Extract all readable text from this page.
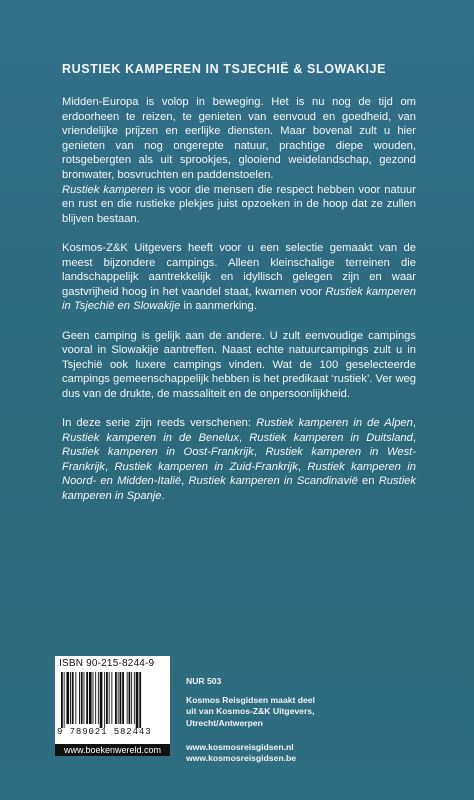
RUSTIEK KAMPEREN IN TSJECHIË & SLOWAKIJE

Midden-Europa is volop in beweging. Het is nu nog de tijd om erdoorheen te reizen, te genieten van eenvoud en goedheid, van vriendelijke prijzen en eerlijke diensten. Maar bovenal zult u hier genieten van nog ongerepte natuur, prachtige diepe wouden, rotsgebergten als uit sprookjes, glooiend weidelandschap, gezond bronwater, bosvruchten en paddenstoelen.

Rustiek kamperen is voor die mensen die respect hebben voor natuur en rust en die rustieke plekjes juist opzoeken in de hoop dat ze zullen blijven bestaan.

Kosmos-Z&K Uitgevers heeft voor u een selectie gemaakt van de meest bijzondere campings. Alleen kleinschalige terreinen die landschappelijk aantrekkelijk en idyllisch gelegen zijn en waar gastvrijheid hoog in het vaandel staat, kwamen voor Rustiek kamperen in Tsjechië en Slowakije in aanmerking.

Geen camping is gelijk aan de andere. U zult eenvoudige campings vooral in Slowakije aantreffen. Naast echte natuurcampings zult u in Tsjechië ook luxere campings vinden. Wat de 100 geselecteerde campings gemeenschappelijk hebben is het predikaat ‘rustiek’. Ver weg dus van de drukte, de massaliteit en de onpersoonlijkheid.

In deze serie zijn reeds verschenen: Rustiek kamperen in de Alpen, Rustiek kamperen in de Benelux, Rustiek kamperen in Duitsland, Rustiek kamperen in Oost-Frankrijk, Rustiek kamperen in West-Frankrijk, Rustiek kamperen in Zuid-Frankrijk, Rustiek kamperen in Noord- en Midden-Italië, Rustiek kamperen in Scandinavië en Rustiek kamperen in Spanje.

ISBN 90-215-8244-9
9 789021 582443
www.boekenwereld.com
NUR 503
Kosmos Reisgidsen maakt deel
uit van Kosmos-Z&K Uitgevers,
Utrecht/Antwerpen
www.kosmosreisgidsen.nl
www.kosmosreisgidsen.be
